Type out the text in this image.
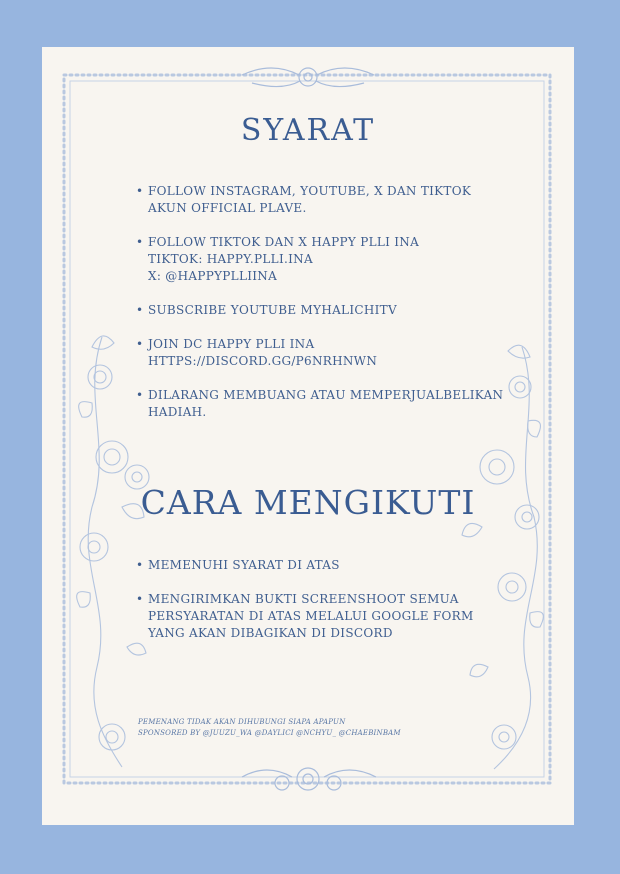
SYARAT
• FOLLOW INSTAGRAM, YOUTUBE, X DAN TIKTOK
AKUN OFFICIAL PLAVE.
• FOLLOW TIKTOK DAN X HAPPY PLLI INA
TIKTOK: HAPPY.PLLI.INA
X: @HAPPYPLLIINA
• SUBSCRIBE YOUTUBE MYHALICHITV
• JOIN DC HAPPY PLLI INA
HTTPS://DISCORD.GG/P6NRHNWN
• DILARANG MEMBUANG ATAU MEMPERJUALBELIKAN
HADIAH.
CARA MENGIKUTI
• MEMENUHI SYARAT DI ATAS
• MENGIRIMKAN BUKTI SCREENSHOOT SEMUA
PERSYARATAN DI ATAS MELALUI GOOGLE FORM
YANG AKAN DIBAGIKAN DI DISCORD
PEMENANG TIDAK AKAN DIHUBUNGI SIAPA APAPUN
SPONSORED BY @JUUZU_WA @DAYLICI @NCHYU_ @CHAEBINBAM
